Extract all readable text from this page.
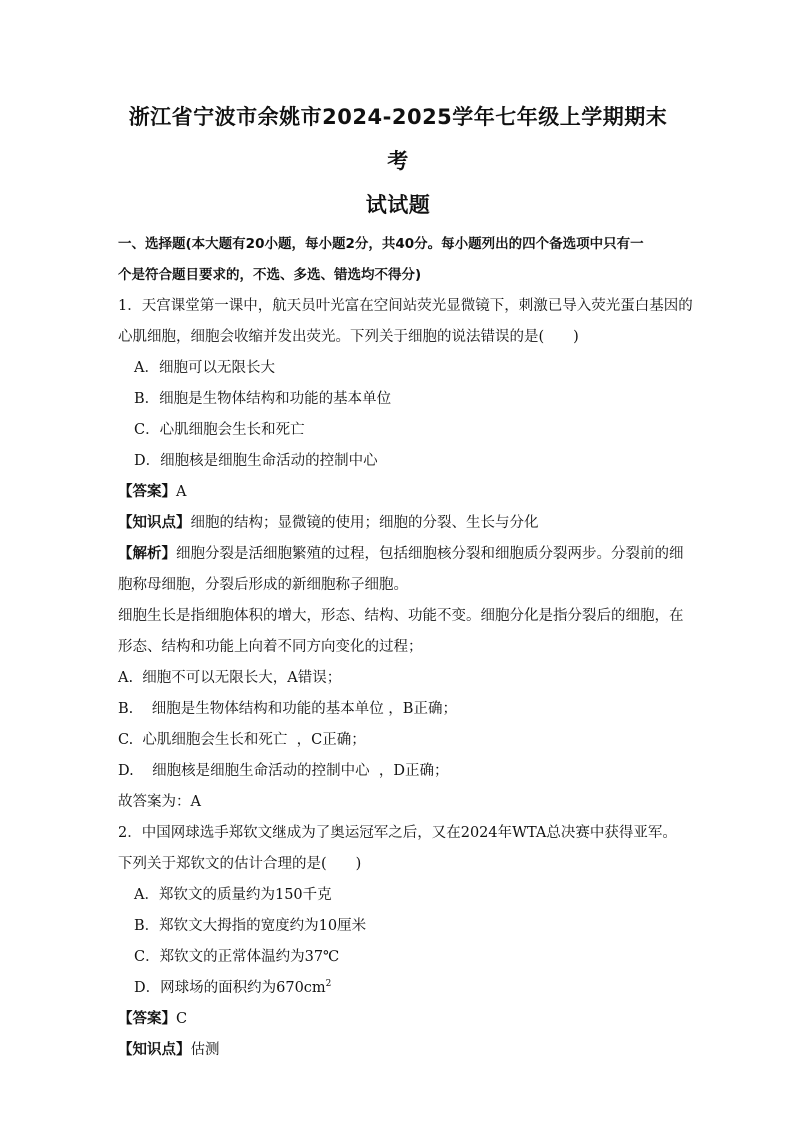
浙江省宁波市余姚市2024-2025学年七年级上学期期末考
试试题
一、选择题(本大题有20小题，每小题2分，共40分。每小题列出的四个备选项中只有一
个是符合题目要求的，不选、多选、错选均不得分)
1．天宫课堂第一课中，航天员叶光富在空间站荧光显微镜下，刺激已导入荧光蛋白基因的
心肌细胞，细胞会收缩并发出荧光。下列关于细胞的说法错误的是(　　)
A．细胞可以无限长大
B．细胞是生物体结构和功能的基本单位
C．心肌细胞会生长和死亡
D．细胞核是细胞生命活动的控制中心
【答案】A
【知识点】细胞的结构；显微镜的使用；细胞的分裂、生长与分化
【解析】细胞分裂是活细胞繁殖的过程，包括细胞核分裂和细胞质分裂两步。分裂前的细
胞称母细胞，分裂后形成的新细胞称子细胞。
细胞生长是指细胞体积的增大，形态、结构、功能不变。细胞分化是指分裂后的细胞，在
形态、结构和功能上向着不同方向变化的过程；
A.  细胞不可以无限长大，A错误；
B.    细胞是生物体结构和功能的基本单位 ，B正确；
C.  心肌细胞会生长和死亡  ，C正确；
D.    细胞核是细胞生命活动的控制中心  ，D正确；
故答案为：A
2．中国网球选手郑钦文继成为了奥运冠军之后，又在2024年WTA总决赛中获得亚军。
下列关于郑钦文的估计合理的是(　　)
A．郑钦文的质量约为150千克
B．郑钦文大拇指的宽度约为10厘米
C．郑钦文的正常体温约为37℃
D．网球场的面积约为$670cm^2$
【答案】C
【知识点】估测
